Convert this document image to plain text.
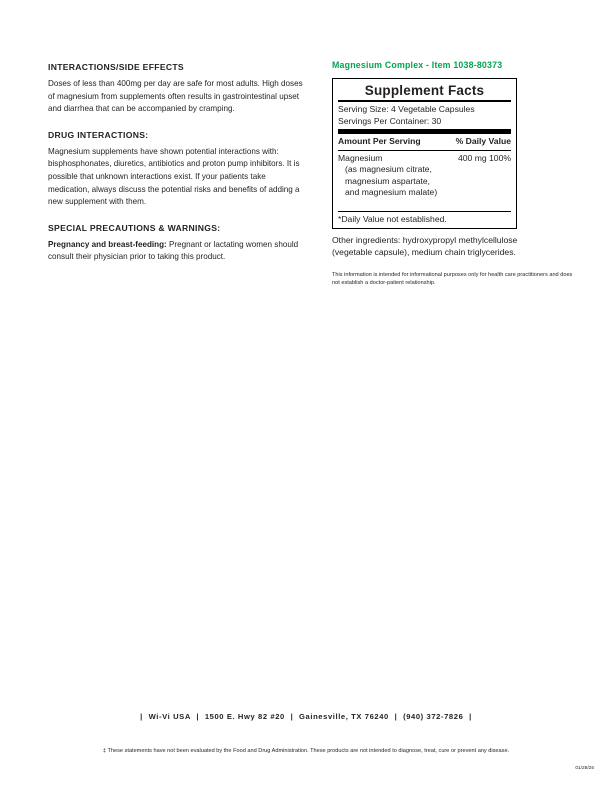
INTERACTIONS/SIDE EFFECTS

Doses of less than 400mg per day are safe for most adults. High doses of magnesium from supplements often results in gastrointestinal upset and diarrhea that can be accompanied by cramping.

DRUG INTERACTIONS:

Magnesium supplements have shown potential interactions with: bisphosphonates, diuretics, antibiotics and proton pump inhibitors. It is possible that unknown interactions exist. If your patients take medication, always discuss the potential risks and benefits of adding a new supplement with them.

SPECIAL PRECAUTIONS & WARNINGS:

Pregnancy and breast-feeding: Pregnant or lactating women should consult their physician prior to taking this product.

Magnesium Complex - Item 1038-80373
Supplement Facts
Serving Size: 4 Vegetable Capsules
Servings Per Container: 30
Amount Per Serving	% Daily Value
Magnesium	400 mg 100%
(as magnesium citrate,
magnesium aspartate,
and magnesium malate)
*Daily Value not established.

Other ingredients: hydroxypropyl methylcellulose (vegetable capsule), medium chain triglycerides.

This information is intended for informational purposes only for health care practitioners and does not establish a doctor-patient relationship.

| Wi-Vi USA | 1500 E. Hwy 82 #20 | Gainesville, TX 76240 | (940) 372-7826 |
‡ These statements have not been evaluated by the Food and Drug Administration. These products are not intended to diagnose, treat, cure or prevent any disease.
01/28/25
